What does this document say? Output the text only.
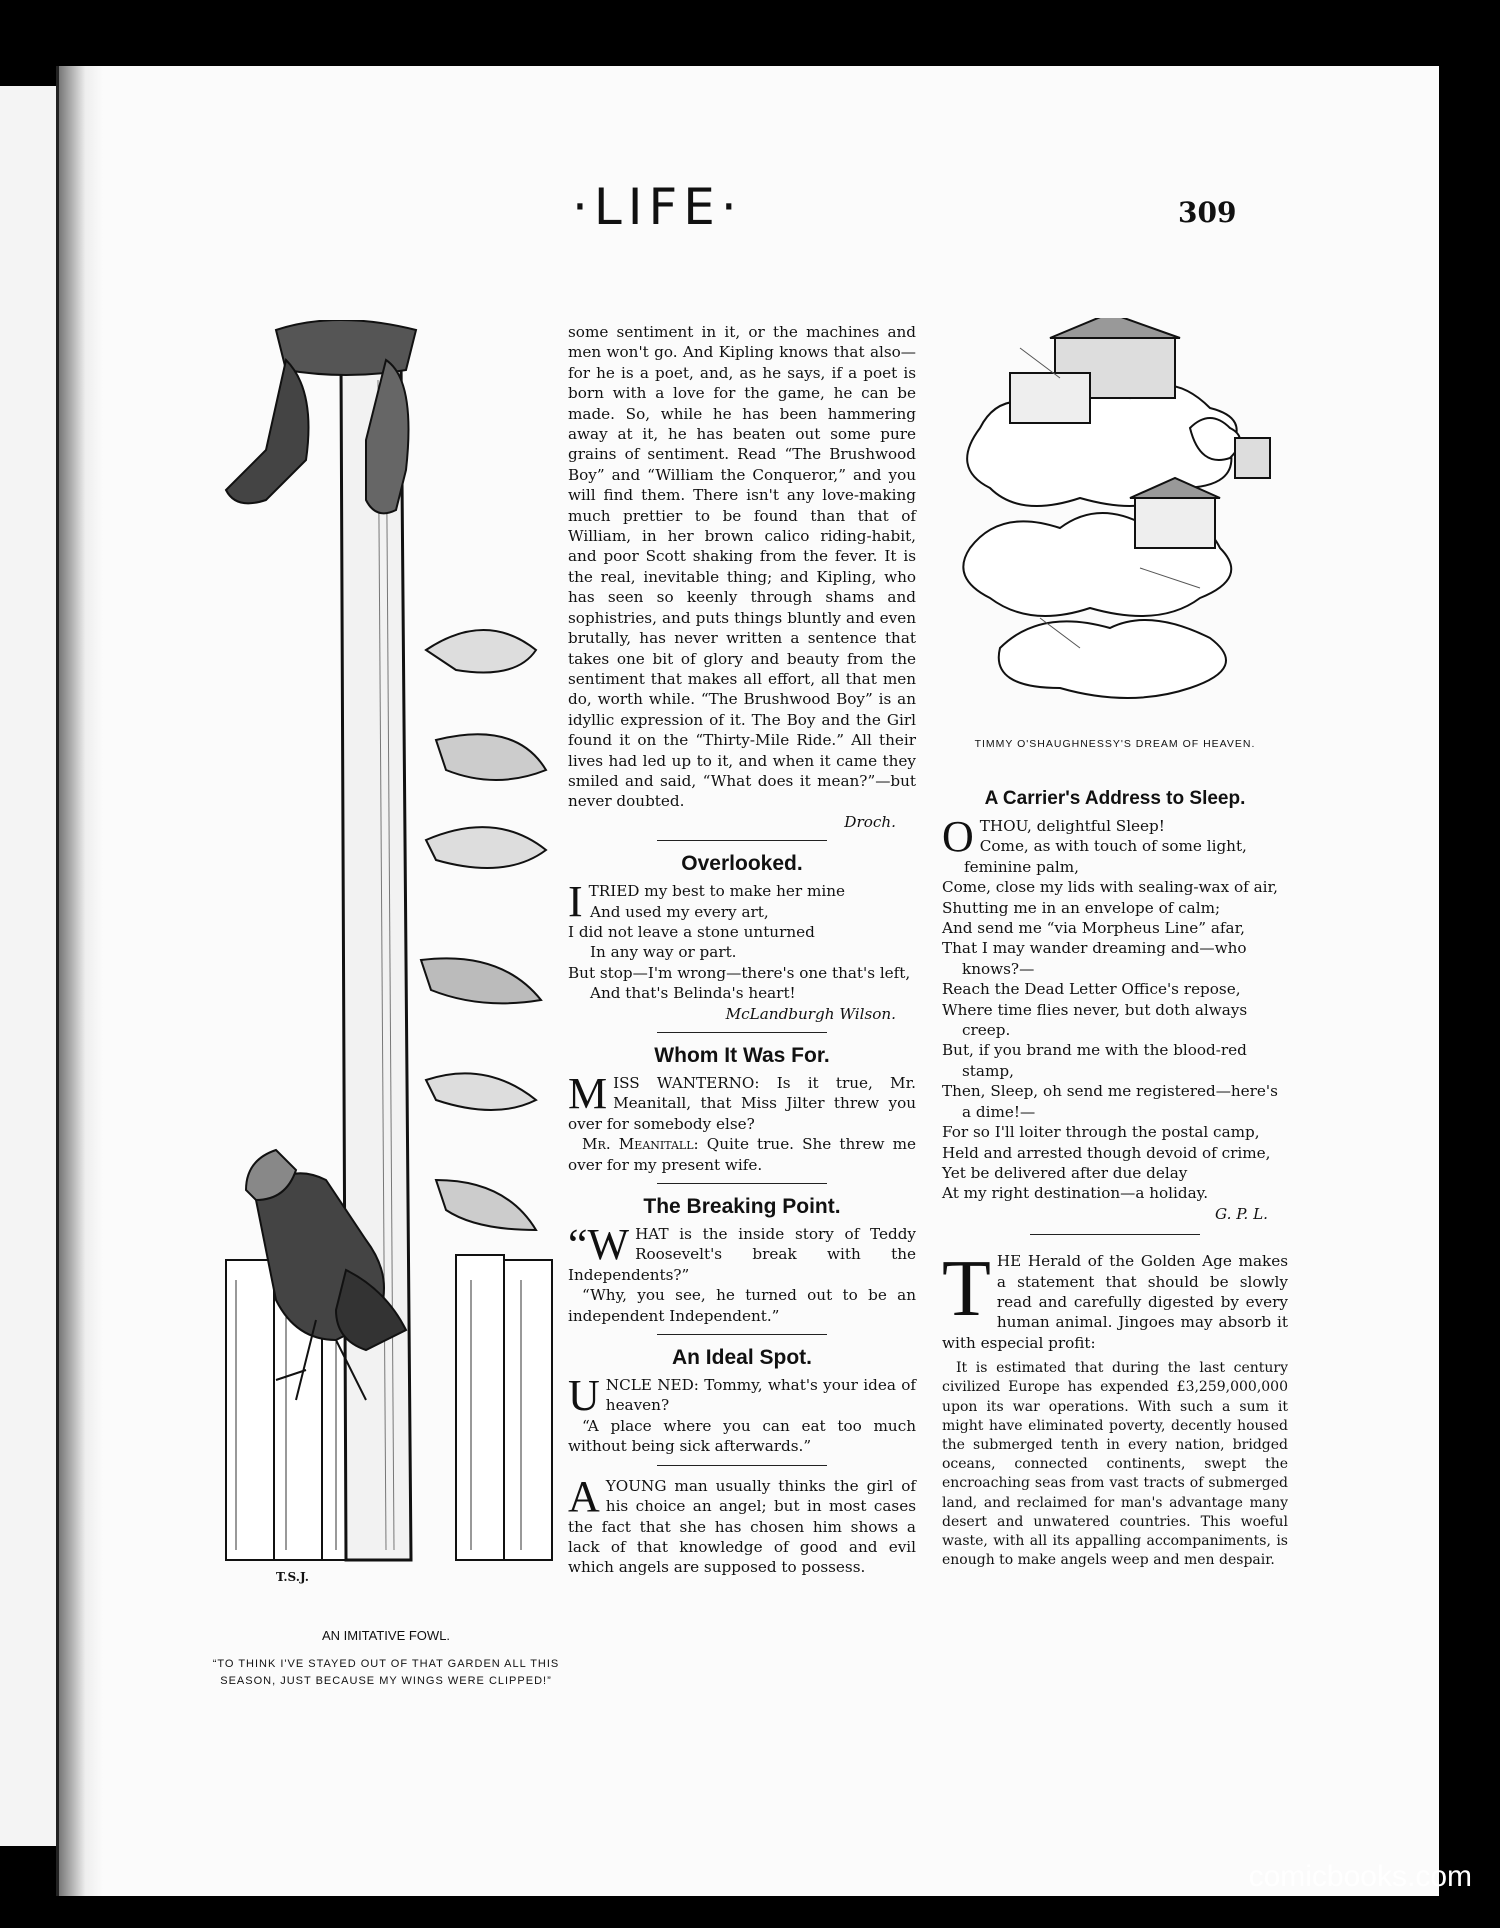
·LIFE·	309
T.S.J.
AN IMITATIVE FOWL.
“TO THINK I'VE STAYED OUT OF THAT GARDEN ALL THIS SEASON, JUST BECAUSE MY WINGS WERE CLIPPED!”

some sentiment in it, or the machines and men won't go. And Kipling knows that also—for he is a poet, and, as he says, if a poet is born with a love for the game, he can be made. So, while he has been hammering away at it, he has beaten out some pure grains of sentiment. Read “The Brushwood Boy” and “William the Conqueror,” and you will find them. There isn't any love-making much prettier to be found than that of William, in her brown calico riding-habit, and poor Scott shaking from the fever. It is the real, inevitable thing; and Kipling, who has seen so keenly through shams and sophistries, and puts things bluntly and even brutally, has never written a sentence that takes one bit of glory and beauty from the sentiment that makes all effort, all that men do, worth while. “The Brushwood Boy” is an idyllic expression of it. The Boy and the Girl found it on the “Thirty-Mile Ride.” All their lives had led up to it, and when it came they smiled and said, “What does it mean?”—but never doubted.

Droch.

Overlooked.
I TRIED my best to make her mine

And used my every art,

I did not leave a stone unturned

In any way or part.

But stop—I'm wrong—there's one that's left,

And that's Belinda's heart!

McLandburgh Wilson.

Whom It Was For.
M ISS WANTERNO: Is it true, Mr. Meanitall, that Miss Jilter threw you over for somebody else?

Mr. Meanitall: Quite true. She threw me over for my present wife.

The Breaking Point.
“W HAT is the inside story of Teddy Roosevelt's break with the Independents?”

“Why, you see, he turned out to be an independent Independent.”

An Ideal Spot.
U NCLE NED: Tommy, what's your idea of heaven?

“A place where you can eat too much without being sick afterwards.”

A YOUNG man usually thinks the girl of his choice an angel; but in most cases the fact that she has chosen him shows a lack of that knowledge of good and evil which angels are supposed to possess.

TIMMY O'SHAUGHNESSY'S DREAM OF HEAVEN.
A Carrier's Address to Sleep.
O THOU, delightful Sleep!

Come, as with touch of some light, feminine palm,

Come, close my lids with sealing-wax of air,

Shutting me in an envelope of calm;

And send me “via Morpheus Line” afar,

That I may wander dreaming and—who knows?—

Reach the Dead Letter Office's repose,

Where time flies never, but doth always creep.

But, if you brand me with the blood-red stamp,

Then, Sleep, oh send me registered—here's a dime!—

For so I'll loiter through the postal camp,

Held and arrested though devoid of crime,

Yet be delivered after due delay

At my right destination—a holiday.

G. P. L.

T HE Herald of the Golden Age makes a statement that should be slowly read and carefully digested by every human animal. Jingoes may absorb it with especial profit:

It is estimated that during the last century civilized Europe has expended £3,259,000,000 upon its war operations. With such a sum it might have eliminated poverty, decently housed the submerged tenth in every nation, bridged oceans, connected continents, swept the encroaching seas from vast tracts of submerged land, and reclaimed for man's advantage many desert and unwatered countries. This woeful waste, with all its appalling accompaniments, is enough to make angels weep and men despair.

comicbooks.com
